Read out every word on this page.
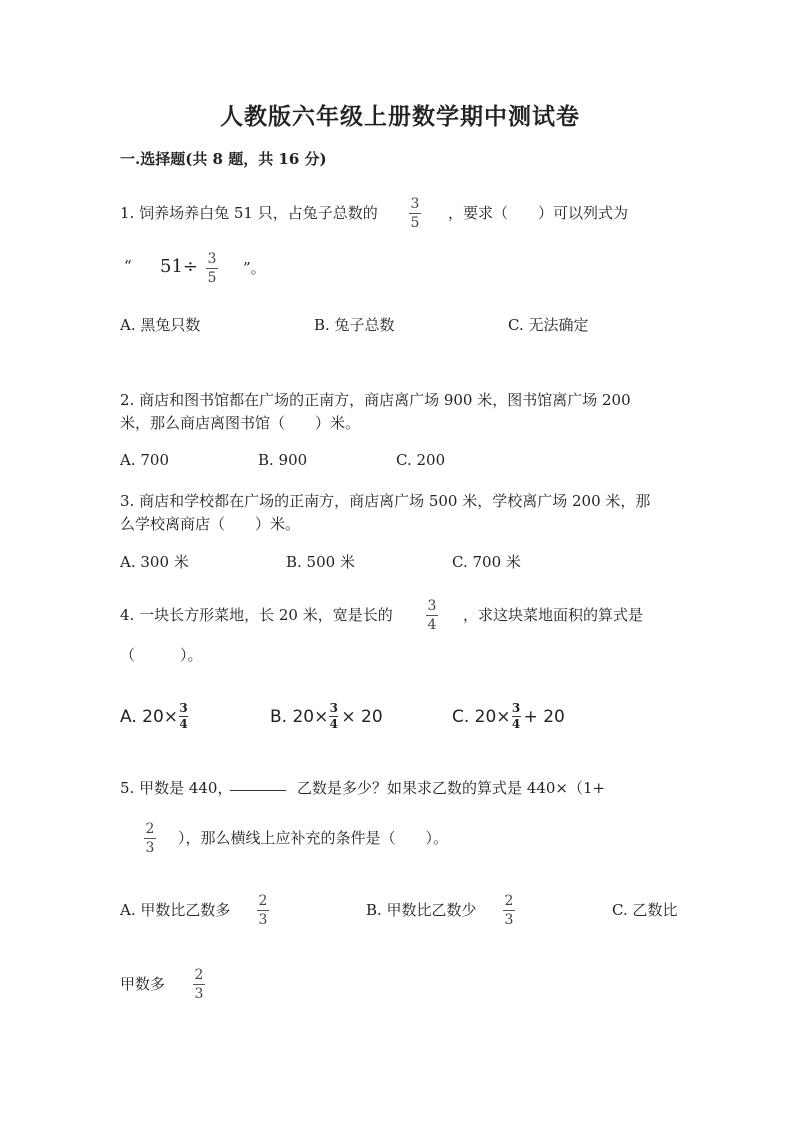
人教版六年级上册数学期中测试卷
一.选择题(共 8 题，共 16 分)
1. 饲养场养白兔 51 只，占兔子总数的 3
5
，要求（　　）可以列式为
“ 51÷ 3
5
”。
A. 黑兔只数	B. 兔子总数	C. 无法确定
2. 商店和图书馆都在广场的正南方，商店离广场 900 米，图书馆离广场 200
米，那么商店离图书馆（　　）米。
A. 700	B. 900	C. 200
3. 商店和学校都在广场的正南方，商店离广场 500 米，学校离广场 200 米，那
么学校离商店（　　）米。
A. 300 米	B. 500 米	C. 700 米
4. 一块长方形菜地，长 20 米，宽是长的 3
4
，求这块菜地面积的算式是
（　　　）。
A. $20\times \frac{3}{4}$	B. $20\times \frac{3}{4} \times 20$	C. $20\times \frac{3}{4} + 20$
5. 甲数是 440，	乙数是多少？如果求乙数的算式是 440×（1+
2
3
），那么横线上应补充的条件是（　　）。
A. 甲数比乙数多 2
3
B. 甲数比乙数少 2
3
C. 乙数比
甲数多 2
3
